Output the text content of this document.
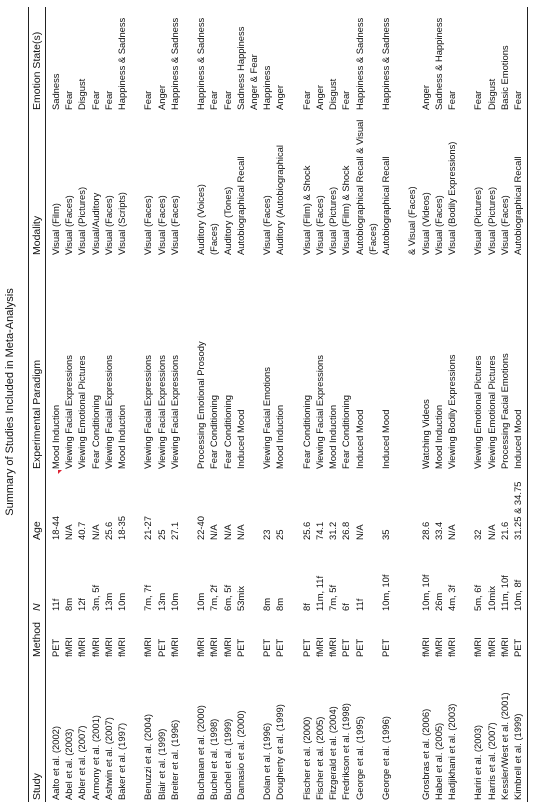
Summary of Studies Included in Meta-Analysis
Study
Method
N
Age
Experimental Paradigm
Modality
Emotion State(s)
Aalto et al. (2002)
PET
11f
18-44
Mood Induction
Visual (Film)
Sadness
Abel et al. (2003)
fMRI
8m
N/A
Viewing Facial Expressions
Visual (Faces)
Fear
Abler et al. (2007)
fMRI
12f
40.7
Viewing Emotional Pictures
Visual (Pictures)
Disgust
Armony et al. (2001)
fMRI
3m, 5f
N/A
Fear Conditioning
Visual/Auditory
Fear
Ashwin et al. (2007)
fMRI
13m
25.6
Viewing Facial Expressions
Visual (Faces)
Fear
Baker et al. (1997)
fMRI
10m
18-35
Mood Induction
Visual (Scripts)
Happiness & Sadness
Benuzzi et al. (2004)
fMRI
7m, 7f
21-27
Viewing Facial Expressions
Visual (Faces)
Fear
Blair et al. (1999)
PET
13m
25
Viewing Facial Expressions
Visual (Faces)
Anger
Breiter et al. (1996)
fMRI
10m
27.1
Viewing Facial Expressions
Visual (Faces)
Happiness & Sadness
Buchanan et al. (2000)
fMRI
10m
22-40
Processing Emotional Prosody
Auditory (Voices)
Happiness & Sadness
Buchel et al. (1998)
fMRI
7m, 2f
N/A
Fear Conditioning
(Faces)
Fear
Buchel et al. (1999)
fMRI
6m, 5f
N/A
Fear Conditioning
Auditory (Tones)
Fear
Damasio et al. (2000)
PET
53mix
N/A
Induced Mood
Autobiographical Recall
Sadness Happiness Anger & Fear
Dolan et al. (1996)
PET
8m
23
Viewing Facial Emotions
Visual (Faces)
Happiness
Dougherty et al. (1999)
PET
8m
25
Mood Induction
Auditory (Autobiographical
Anger
Fischer et al. (2000)
PET
8f
25.6
Fear Conditioning
Visual (Film) & Shock
Fear
Fischer et al. (2005)
fMRI
11m, 11f
74.1
Viewing Facial Expressions
Visual (Faces)
Anger
Fitzgerald et al. (2004)
fMRI
7m, 5f
31.2
Mood Induction
Visual (Pictures)
Disgust
Fredrikson et al. (1998)
PET
6f
26.8
Fear Conditioning
Visual (Film) & Shock
Fear
George et al. (1995)
PET
11f
N/A
Induced Mood
Autobiographical Recall & Visual
Happiness & Sadness
(Faces)
George et al. (1996)
PET
10m, 10f
35
Induced Mood
Autobiographical Recall
Happiness & Sadness
& Visual (Faces)
Grosbras et al. (2006)
fMRI
10m, 10f
28.6
Watching Videos
Visual (Videos)
Anger
Habel et al. (2005)
fMRI
26m
33.4
Mood Induction
Visual (Faces)
Sadness & Happiness
Hadjikhani et al. (2003)
fMRI
4m, 3f
N/A
Viewing Bodily Expressions
Visual (Bodily Expressions)
Fear
Hariri et al. (2003)
fMRI
5m, 6f
32
Viewing Emotional Pictures
Visual (Pictures)
Fear
Harris et al. (2007)
fMRI
10mix
N/A
Viewing Emotional Pictures
Visual (Pictures)
Disgust
Kessler/West et al. (2001)
fMRI
11m, 10f
21.6
Processing Facial Emotions
Visual (Faces)
Basic Emotions
Kimbrell et al. (1999)
PET
10m, 8f
31.25 & 34.75
Induced Mood
Autobiographical Recall
Fear
